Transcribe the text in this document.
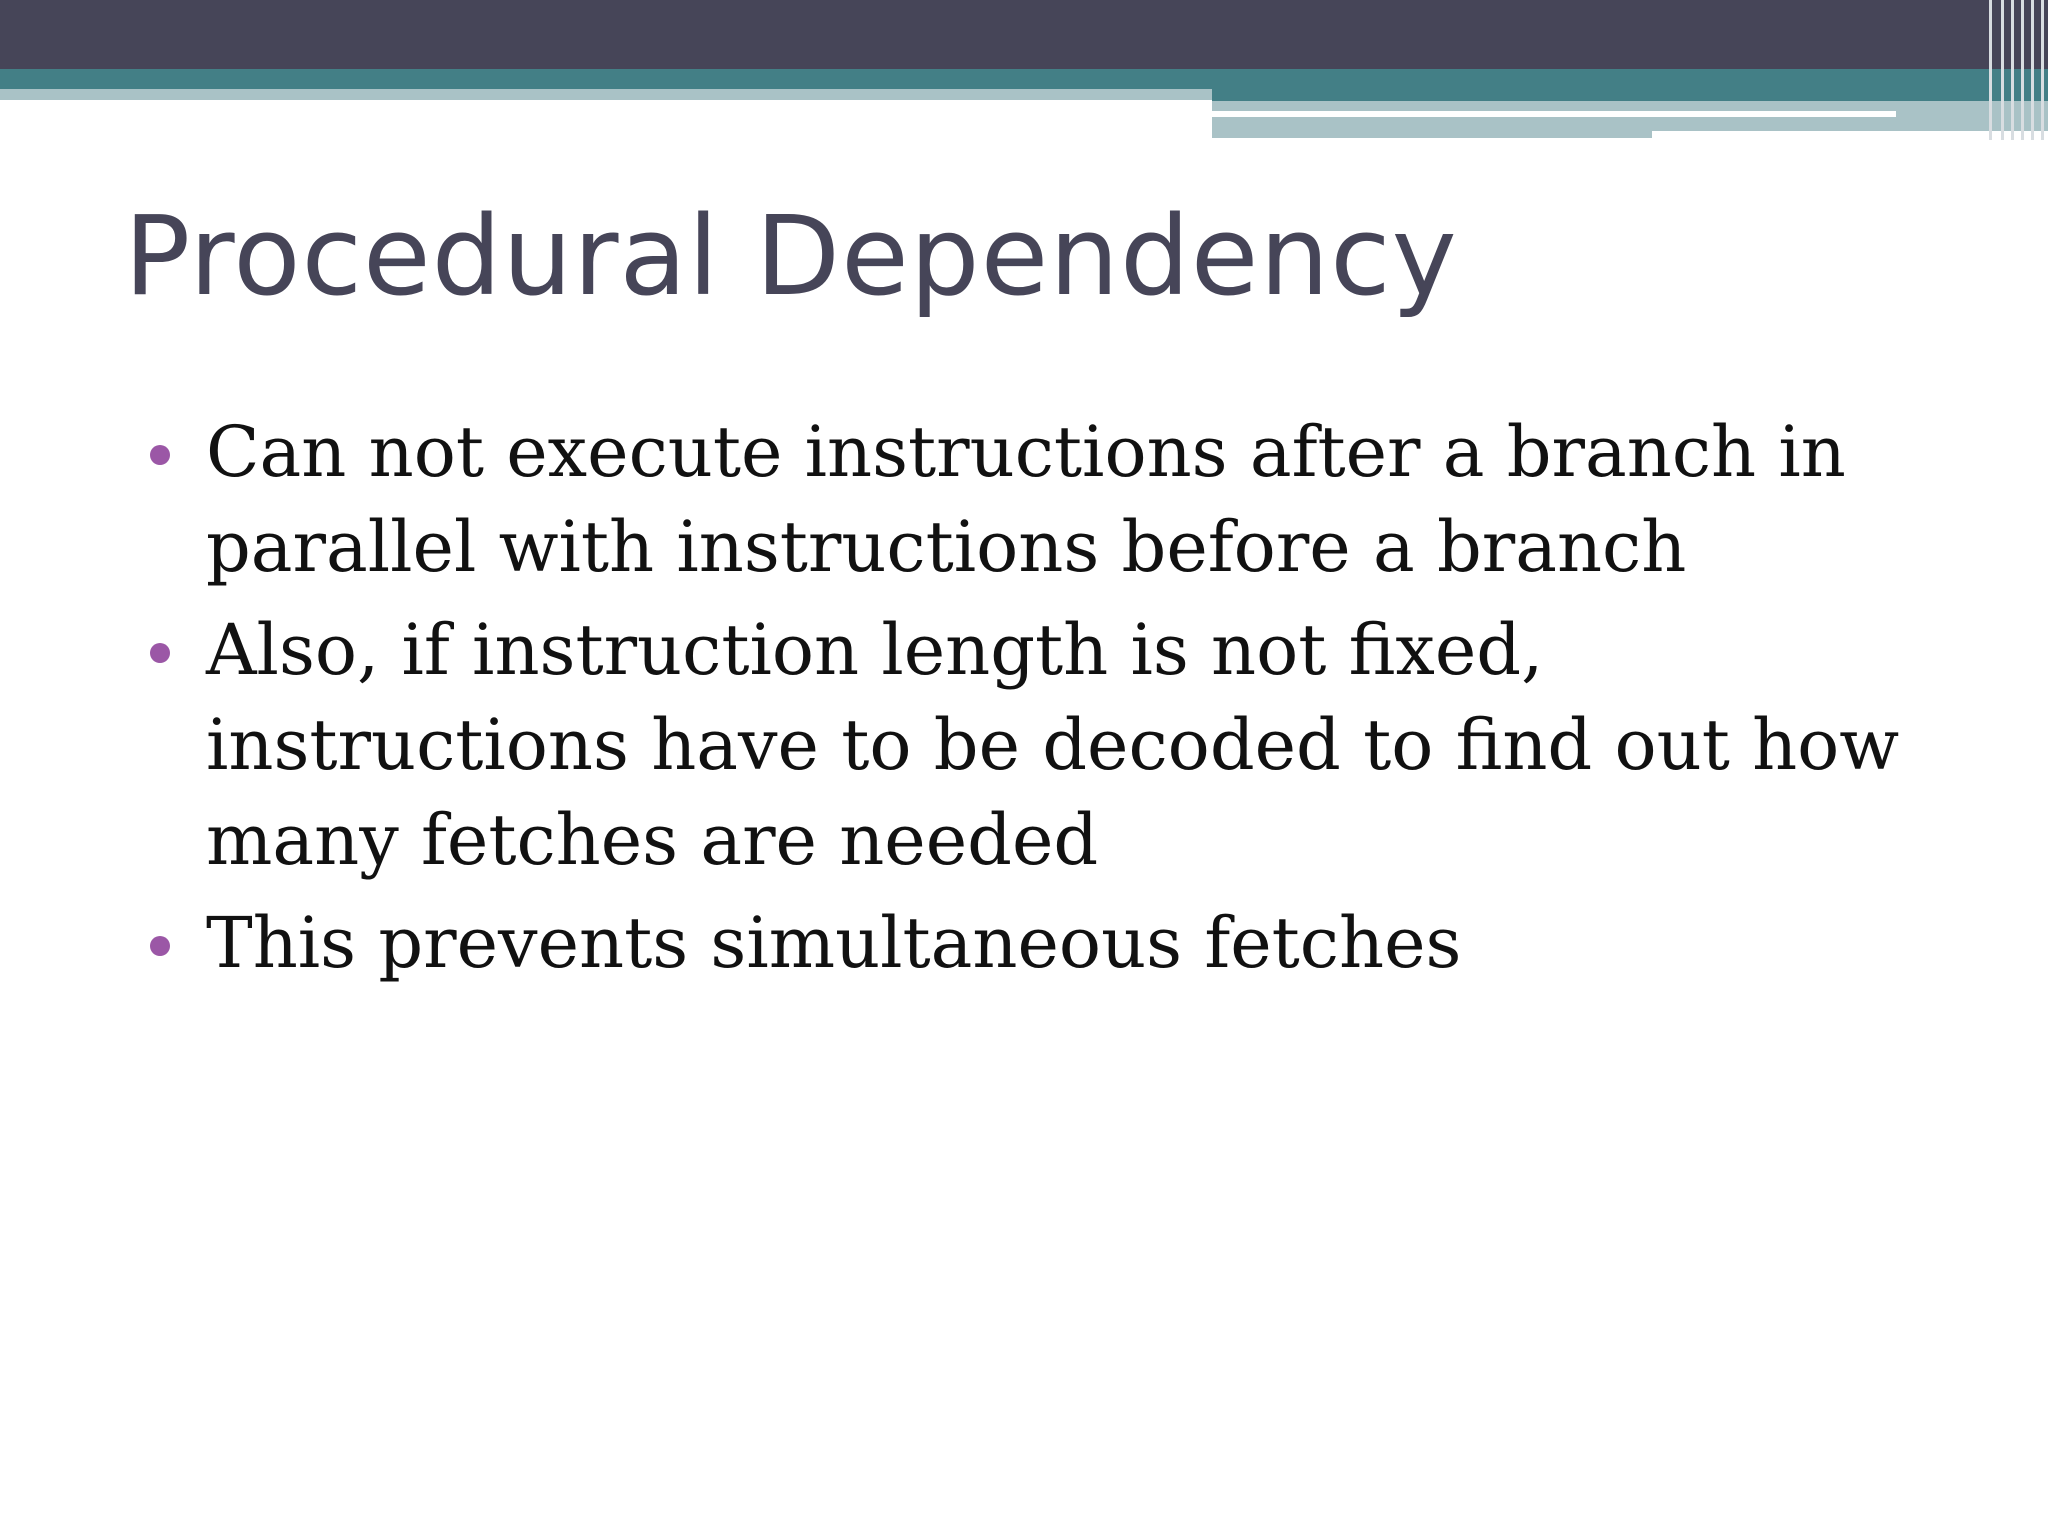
Procedural Dependency
Can not execute instructions after a branch in parallel with instructions before a branch
Also, if instruction length is not fixed, instructions have to be decoded to find out how many fetches are needed
This prevents simultaneous fetches
